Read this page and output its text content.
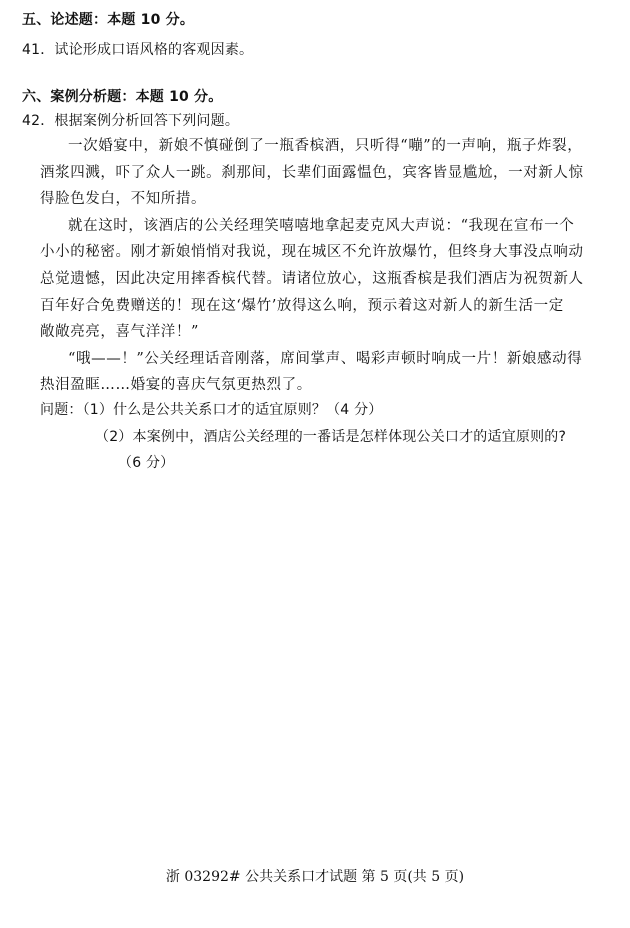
五、论述题：本题 10 分。
41．试论形成口语风格的客观因素。
六、案例分析题：本题 10 分。
42．根据案例分析回答下列问题。
一次婚宴中，新娘不慎碰倒了一瓶香槟酒，只听得“嘣”的一声响，瓶子炸裂，
酒浆四溅，吓了众人一跳。刹那间，长辈们面露愠色，宾客皆显尴尬，一对新人惊
得脸色发白，不知所措。
就在这时，该酒店的公关经理笑嘻嘻地拿起麦克风大声说：“我现在宣布一个
小小的秘密。刚才新娘悄悄对我说，现在城区不允许放爆竹，但终身大事没点响动
总觉遗憾，因此决定用摔香槟代替。请诸位放心，这瓶香槟是我们酒店为祝贺新人
百年好合免费赠送的！现在这‘爆竹’放得这么响，预示着这对新人的新生活一定
敞敞亮亮，喜气洋洋！”
“哦——！”公关经理话音刚落，席间掌声、喝彩声顿时响成一片！新娘感动得
热泪盈眶……婚宴的喜庆气氛更热烈了。
问题：（1）什么是公共关系口才的适宜原则？（4 分）
（2）本案例中，酒店公关经理的一番话是怎样体现公关口才的适宜原则的?
（6 分）
浙 03292# 公共关系口才试题 第 5 页(共 5 页)
